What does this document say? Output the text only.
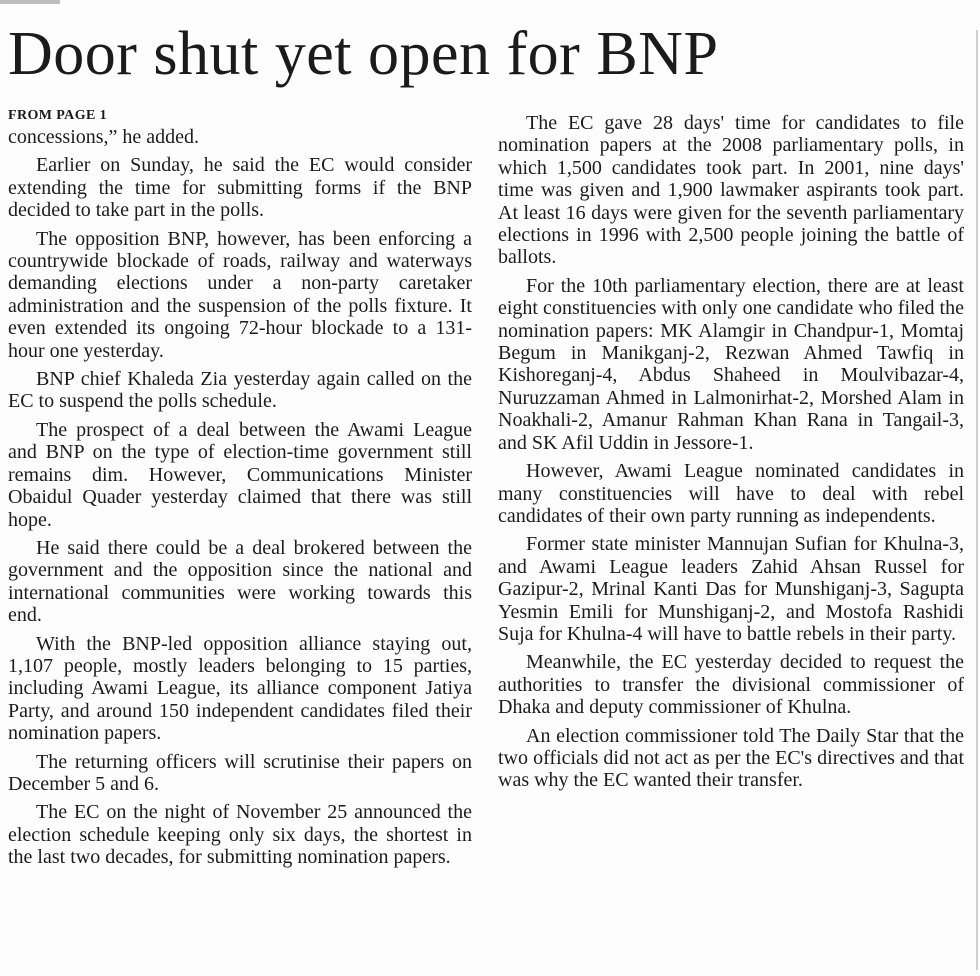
Door shut yet open for BNP

FROM PAGE 1

concessions,” he added.

Earlier on Sunday, he said the EC would consider extending the time for submitting forms if the BNP decided to take part in the polls.

The opposition BNP, however, has been enforcing a countrywide blockade of roads, railway and waterways demanding elections under a non-party caretaker administration and the suspension of the polls fixture. It even extended its ongoing 72-hour blockade to a 131-hour one yesterday.

BNP chief Khaleda Zia yesterday again called on the EC to suspend the polls schedule.

The prospect of a deal between the Awami League and BNP on the type of election-time government still remains dim. However, Communications Minister Obaidul Quader yesterday claimed that there was still hope.

He said there could be a deal brokered between the government and the opposition since the national and international communities were working towards this end.

With the BNP-led opposition alliance staying out, 1,107 people, mostly leaders belonging to 15 parties, including Awami League, its alliance component Jatiya Party, and around 150 independent candidates filed their nomination papers.

The returning officers will scrutinise their papers on December 5 and 6.

The EC on the night of November 25 announced the election schedule keeping only six days, the shortest in the last two decades, for submitting nomination papers.

The EC gave 28 days' time for candidates to file nomination papers at the 2008 parliamentary polls, in which 1,500 candidates took part. In 2001, nine days' time was given and 1,900 lawmaker aspirants took part. At least 16 days were given for the seventh parliamentary elections in 1996 with 2,500 people joining the battle of ballots.

For the 10th parliamentary election, there are at least eight constituencies with only one candidate who filed the nomination papers: MK Alamgir in Chandpur-1, Momtaj Begum in Manikganj-2, Rezwan Ahmed Tawfiq in Kishoreganj-4, Abdus Shaheed in Moulvibazar-4, Nuruzzaman Ahmed in Lalmonirhat-2, Morshed Alam in Noakhali-2, Amanur Rahman Khan Rana in Tangail-3, and SK Afil Uddin in Jessore-1.

However, Awami League nominated candidates in many constituencies will have to deal with rebel candidates of their own party running as independents.

Former state minister Mannujan Sufian for Khulna-3, and Awami League leaders Zahid Ahsan Russel for Gazipur-2, Mrinal Kanti Das for Munshiganj-3, Sagupta Yesmin Emili for Munshiganj-2, and Mostofa Rashidi Suja for Khulna-4 will have to battle rebels in their party.

Meanwhile, the EC yesterday decided to request the authorities to transfer the divisional commissioner of Dhaka and deputy commissioner of Khulna.

An election commissioner told The Daily Star that the two officials did not act as per the EC's directives and that was why the EC wanted their transfer.
